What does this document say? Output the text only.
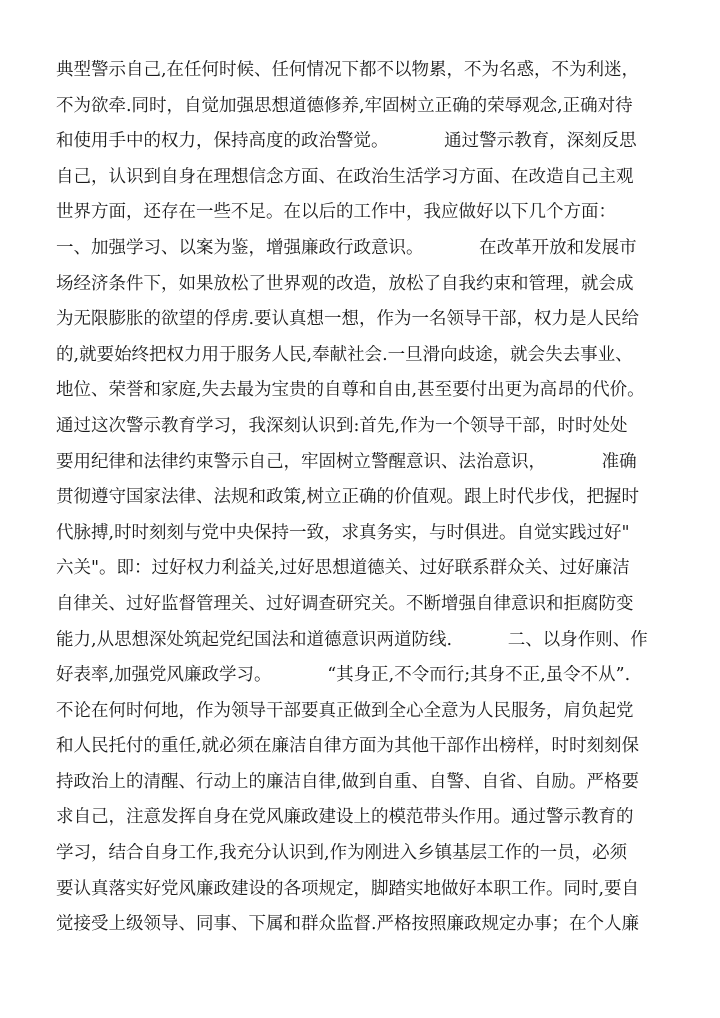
典型警示自己,在任何时候、任何情况下都不以物累，不为名惑，不为利迷，
不为欲牵.同时，自觉加强思想道德修养,牢固树立正确的荣辱观念,正确对待
和使用手中的权力，保持高度的政治警觉。          通过警示教育，深刻反思
自己，认识到自身在理想信念方面、在政治生活学习方面、在改造自己主观
世界方面，还存在一些不足。在以后的工作中，我应做好以下几个方面：
一、加强学习、以案为鉴，增强廉政行政意识。          在改革开放和发展市
场经济条件下，如果放松了世界观的改造，放松了自我约束和管理，就会成
为无限膨胀的欲望的俘虏.要认真想一想，作为一名领导干部，权力是人民给
的,就要始终把权力用于服务人民,奉献社会.一旦滑向歧途，就会失去事业、
地位、荣誉和家庭,失去最为宝贵的自尊和自由,甚至要付出更为高昂的代价。
通过这次警示教育学习，我深刻认识到:首先,作为一个领导干部，时时处处
要用纪律和法律约束警示自己，牢固树立警醒意识、法治意识，          准确
贯彻遵守国家法律、法规和政策,树立正确的价值观。跟上时代步伐，把握时
代脉搏,时时刻刻与党中央保持一致，求真务实，与时俱进。自觉实践过好"
六关"。即：过好权力利益关,过好思想道德关、过好联系群众关、过好廉洁
自律关、过好监督管理关、过好调查研究关。不断增强自律意识和拒腐防变
能力,从思想深处筑起党纪国法和道德意识两道防线.          二、以身作则、作
好表率,加强党风廉政学习。          “其身正,不令而行;其身不正,虽令不从”.
不论在何时何地，作为领导干部要真正做到全心全意为人民服务，肩负起党
和人民托付的重任,就必须在廉洁自律方面为其他干部作出榜样，时时刻刻保
持政治上的清醒、行动上的廉洁自律,做到自重、自警、自省、自励。严格要
求自己，注意发挥自身在党风廉政建设上的模范带头作用。通过警示教育的
学习，结合自身工作,我充分认识到,作为刚进入乡镇基层工作的一员，必须
要认真落实好党风廉政建设的各项规定，脚踏实地做好本职工作。同时,要自
觉接受上级领导、同事、下属和群众监督.严格按照廉政规定办事；在个人廉
